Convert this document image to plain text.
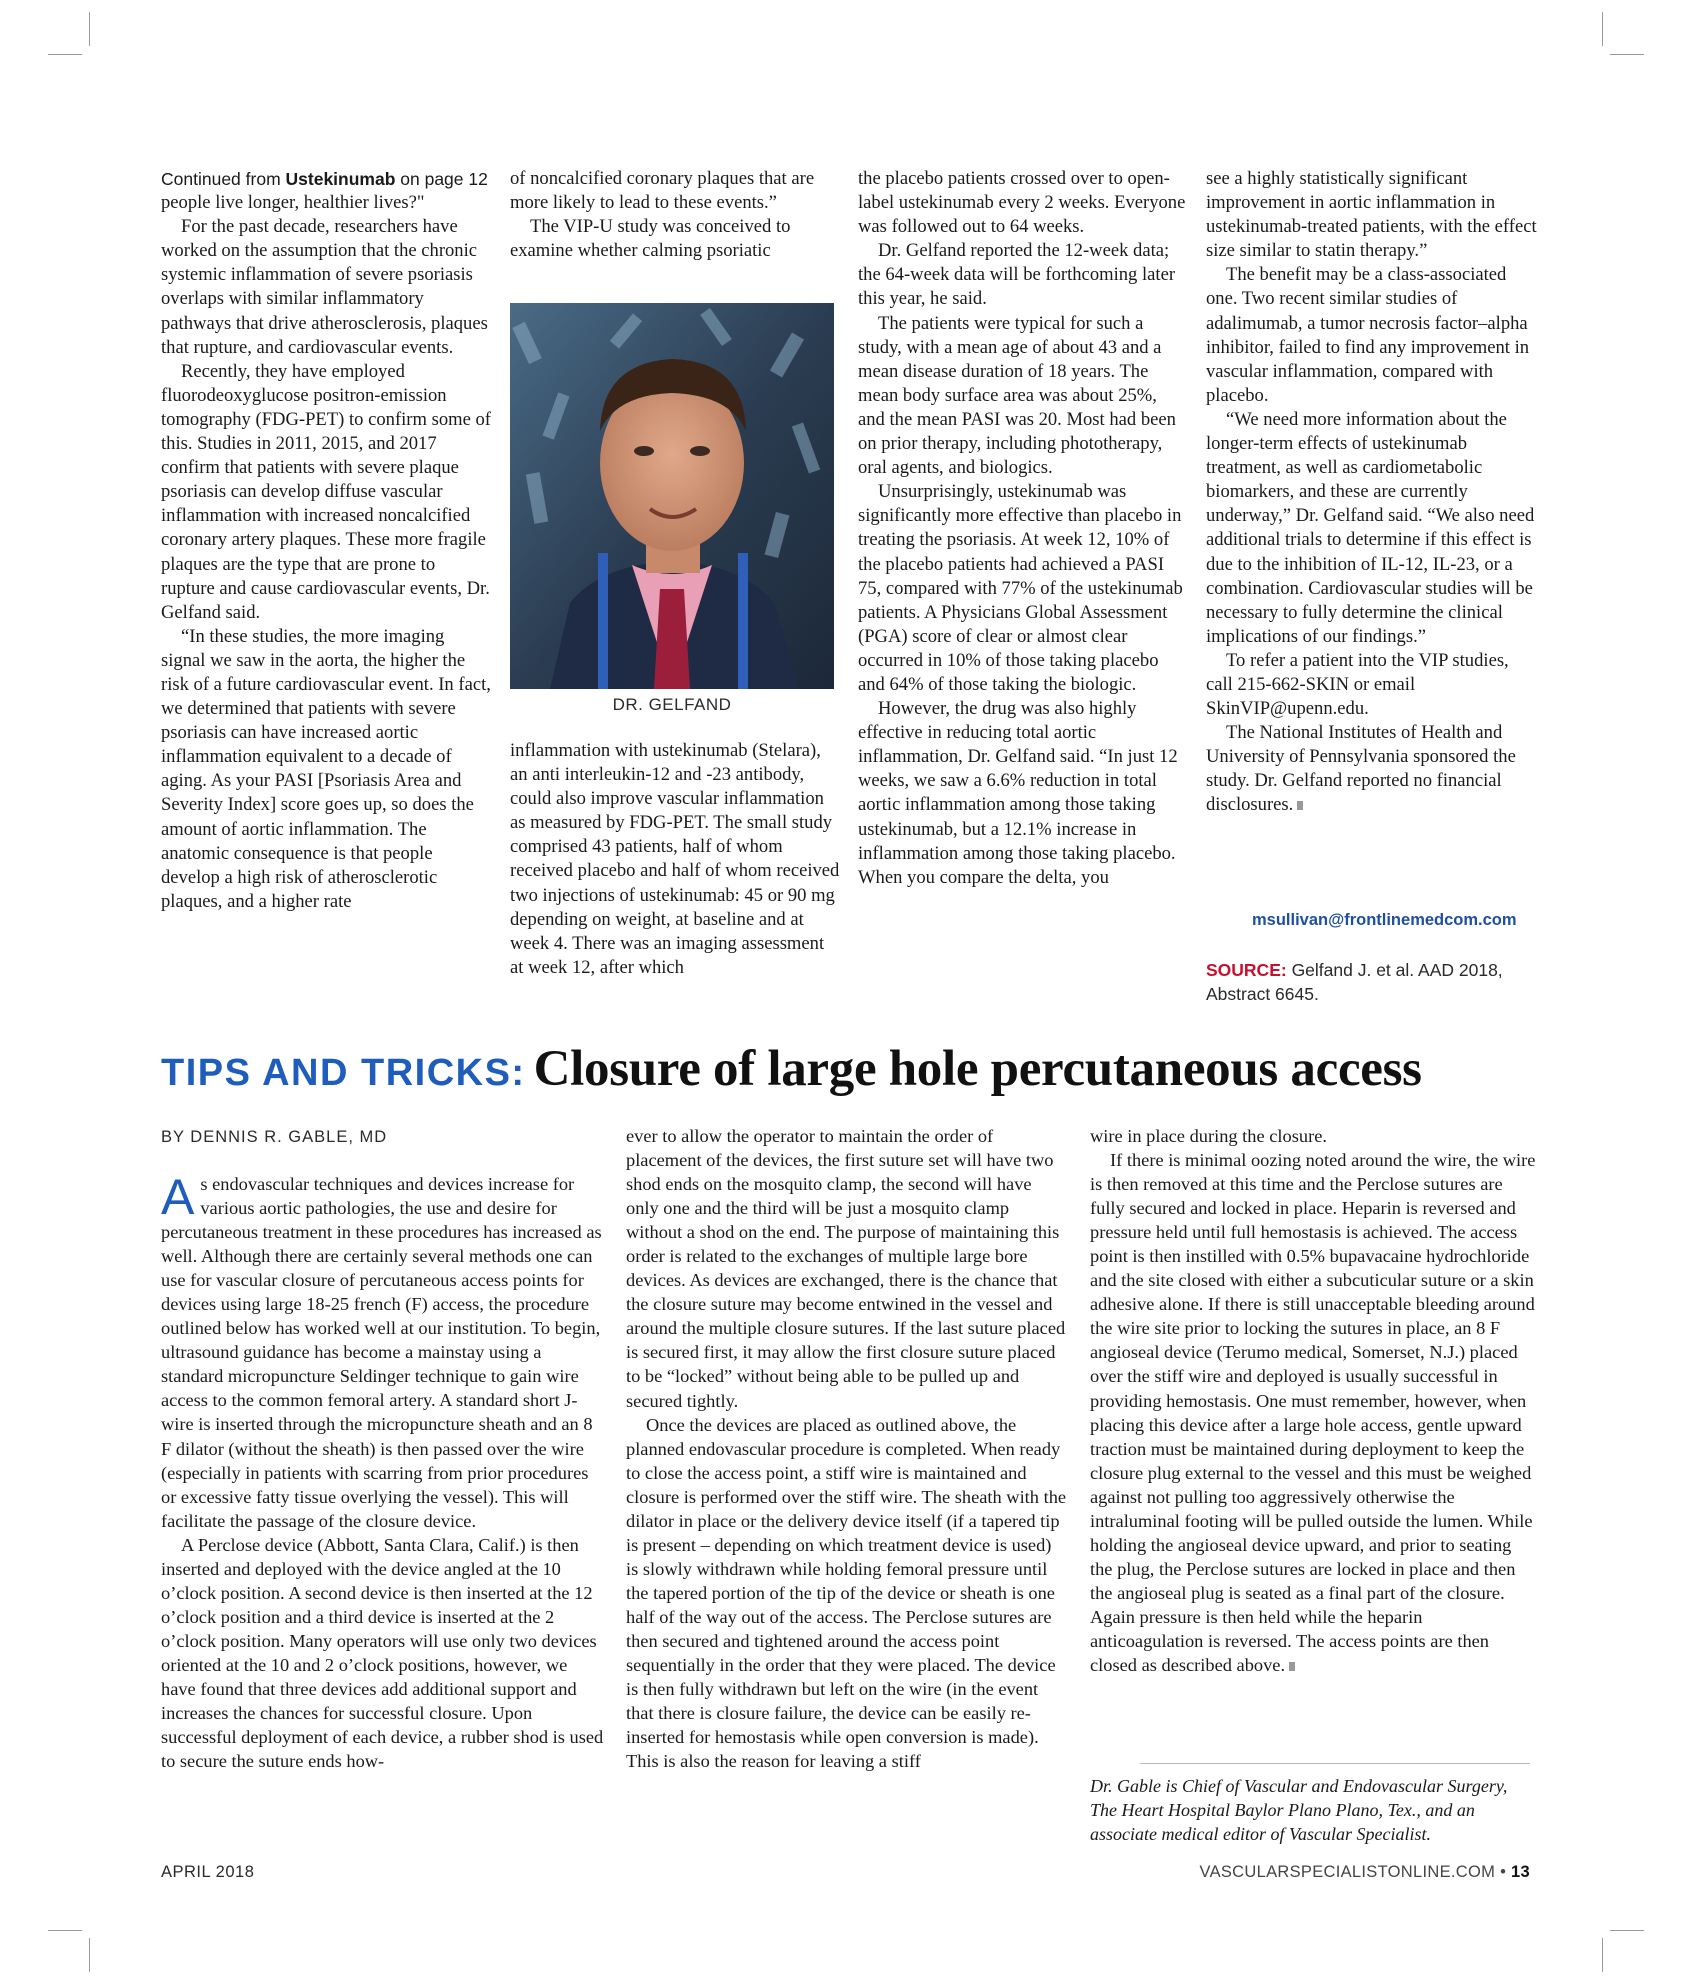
Continued from Ustekinumab on page 12

people live longer, healthier lives?"

For the past decade, researchers have worked on the assumption that the chronic systemic inflammation of severe psoriasis overlaps with similar inflammatory pathways that drive atherosclerosis, plaques that rupture, and cardiovascular events.

Recently, they have employed fluorodeoxyglucose positron-emission tomography (FDG-PET) to confirm some of this. Studies in 2011, 2015, and 2017 confirm that patients with severe plaque psoriasis can develop diffuse vascular inflammation with increased noncalcified coronary artery plaques. These more fragile plaques are the type that are prone to rupture and cause cardiovascular events, Dr. Gelfand said.

“In these studies, the more imaging signal we saw in the aorta, the higher the risk of a future cardiovascular event. In fact, we determined that patients with severe psoriasis can have increased aortic inflammation equivalent to a decade of aging. As your PASI [Psoriasis Area and Severity Index] score goes up, so does the amount of aortic inflammation. The anatomic consequence is that people develop a high risk of atherosclerotic plaques, and a higher rate

of noncalcified coronary plaques that are more likely to lead to these events.”

The VIP-U study was conceived to examine whether calming psoriatic

DR. GELFAND

inflammation with ustekinumab (Stelara), an anti interleukin-12 and -23 antibody, could also improve vascular inflammation as measured by FDG-PET. The small study comprised 43 patients, half of whom received placebo and half of whom received two injections of ustekinumab: 45 or 90 mg depending on weight, at baseline and at week 4. There was an imaging assessment at week 12, after which

the placebo patients crossed over to open-label ustekinumab every 2 weeks. Everyone was followed out to 64 weeks.

Dr. Gelfand reported the 12-week data; the 64-week data will be forthcoming later this year, he said.

The patients were typical for such a study, with a mean age of about 43 and a mean disease duration of 18 years. The mean body surface area was about 25%, and the mean PASI was 20. Most had been on prior therapy, including phototherapy, oral agents, and biologics.

Unsurprisingly, ustekinumab was significantly more effective than placebo in treating the psoriasis. At week 12, 10% of the placebo patients had achieved a PASI 75, compared with 77% of the ustekinumab patients. A Physicians Global Assessment (PGA) score of clear or almost clear occurred in 10% of those taking placebo and 64% of those taking the biologic.

However, the drug was also highly effective in reducing total aortic inflammation, Dr. Gelfand said. “In just 12 weeks, we saw a 6.6% reduction in total aortic inflammation among those taking ustekinumab, but a 12.1% increase in inflammation among those taking placebo. When you compare the delta, you

see a highly statistically significant improvement in aortic inflammation in ustekinumab-treated patients, with the effect size similar to statin therapy.”

The benefit may be a class-associated one. Two recent similar studies of adalimumab, a tumor necrosis factor–alpha inhibitor, failed to find any improvement in vascular inflammation, compared with placebo.

“We need more information about the longer-term effects of ustekinumab treatment, as well as cardiometabolic biomarkers, and these are currently underway,” Dr. Gelfand said. “We also need additional trials to determine if this effect is due to the inhibition of IL-12, IL-23, or a combination. Cardiovascular studies will be necessary to fully determine the clinical implications of our findings.”

To refer a patient into the VIP studies, call 215-662-SKIN or email SkinVIP@upenn.edu.

The National Institutes of Health and University of Pennsylvania sponsored the study. Dr. Gelfand reported no financial disclosures.

msullivan@frontlinemedcom.com
SOURCE: Gelfand J. et al. AAD 2018, Abstract 6645.
TIPS AND TRICKS: Closure of large hole percutaneous access
BY DENNIS R. GABLE, MD

As endovascular techniques and devices increase for various aortic pathologies, the use and desire for percutaneous treatment in these procedures has increased as well. Although there are certainly several methods one can use for vascular closure of percutaneous access points for devices using large 18-25 french (F) access, the procedure outlined below has worked well at our institution. To begin, ultrasound guidance has become a mainstay using a standard micropuncture Seldinger technique to gain wire access to the common femoral artery. A standard short J-wire is inserted through the micropuncture sheath and an 8 F dilator (without the sheath) is then passed over the wire (especially in patients with scarring from prior procedures or excessive fatty tissue overlying the vessel). This will facilitate the passage of the closure device.

A Perclose device (Abbott, Santa Clara, Calif.) is then inserted and deployed with the device angled at the 10 o’clock position. A second device is then inserted at the 12 o’clock position and a third device is inserted at the 2 o’clock position. Many operators will use only two devices oriented at the 10 and 2 o’clock positions, however, we have found that three devices add additional support and increases the chances for successful closure. Upon successful deployment of each device, a rubber shod is used to secure the suture ends how-

ever to allow the operator to maintain the order of placement of the devices, the first suture set will have two shod ends on the mosquito clamp, the second will have only one and the third will be just a mosquito clamp without a shod on the end. The purpose of maintaining this order is related to the exchanges of multiple large bore devices. As devices are exchanged, there is the chance that the closure suture may become entwined in the vessel and around the multiple closure sutures. If the last suture placed is secured first, it may allow the first closure suture placed to be “locked” without being able to be pulled up and secured tightly.

Once the devices are placed as outlined above, the planned endovascular procedure is completed. When ready to close the access point, a stiff wire is maintained and closure is performed over the stiff wire. The sheath with the dilator in place or the delivery device itself (if a tapered tip is present – depending on which treatment device is used) is slowly withdrawn while holding femoral pressure until the tapered portion of the tip of the device or sheath is one half of the way out of the access. The Perclose sutures are then secured and tightened around the access point sequentially in the order that they were placed. The device is then fully withdrawn but left on the wire (in the event that there is closure failure, the device can be easily re-inserted for hemostasis while open conversion is made). This is also the reason for leaving a stiff

wire in place during the closure.

If there is minimal oozing noted around the wire, the wire is then removed at this time and the Perclose sutures are fully secured and locked in place. Heparin is reversed and pressure held until full hemostasis is achieved. The access point is then instilled with 0.5% bupavacaine hydrochloride and the site closed with either a subcuticular suture or a skin adhesive alone. If there is still unacceptable bleeding around the wire site prior to locking the sutures in place, an 8 F angioseal device (Terumo medical, Somerset, N.J.) placed over the stiff wire and deployed is usually successful in providing hemostasis. One must remember, however, when placing this device after a large hole access, gentle upward traction must be maintained during deployment to keep the closure plug external to the vessel and this must be weighed against not pulling too aggressively otherwise the intraluminal footing will be pulled outside the lumen. While holding the angioseal device upward, and prior to seating the plug, the Perclose sutures are locked in place and then the angioseal plug is seated as a final part of the closure. Again pressure is then held while the heparin anticoagulation is reversed. The access points are then closed as described above.

Dr. Gable is Chief of Vascular and Endovascular Surgery, The Heart Hospital Baylor Plano Plano, Tex., and an associate medical editor of Vascular Specialist.
APRIL 2018	VASCULARSPECIALISTONLINE.COM • 13
